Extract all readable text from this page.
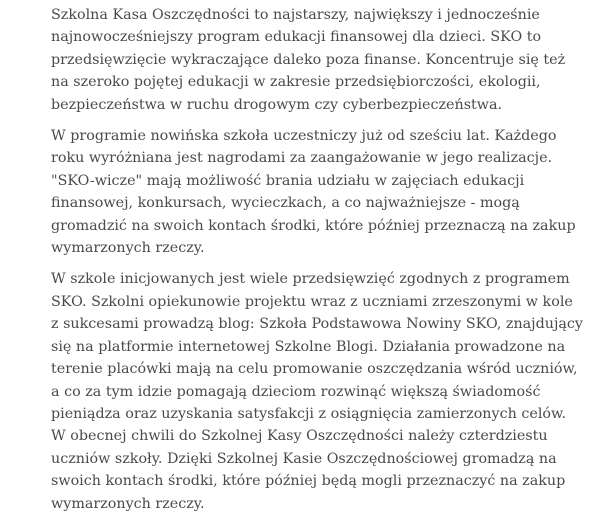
Szkolna Kasa Oszczędności to najstarszy, największy i jednocześnie
najnowocześniejszy program edukacji finansowej dla dzieci. SKO to
przedsięwzięcie wykraczające daleko poza finanse. Koncentruje się też
na szeroko pojętej edukacji w zakresie przedsiębiorczości, ekologii,
bezpieczeństwa w ruchu drogowym czy cyberbezpieczeństwa.

W programie nowińska szkoła uczestniczy już od sześciu lat. Każdego
roku wyróżniana jest nagrodami za zaangażowanie w jego realizacje.
"SKO-wicze" mają możliwość brania udziału w zajęciach edukacji
finansowej, konkursach, wycieczkach, a co najważniejsze - mogą
gromadzić na swoich kontach środki, które później przeznaczą na zakup
wymarzonych rzeczy.

W szkole inicjowanych jest wiele przedsięwzięć zgodnych z programem
SKO. Szkolni opiekunowie projektu wraz z uczniami zrzeszonymi w kole
z sukcesami prowadzą blog: Szkoła Podstawowa Nowiny SKO, znajdujący
się na platformie internetowej Szkolne Blogi. Działania prowadzone na
terenie placówki mają na celu promowanie oszczędzania wśród uczniów,
a co za tym idzie pomagają dzieciom rozwinąć większą świadomość
pieniądza oraz uzyskania satysfakcji z osiągnięcia zamierzonych celów.
W obecnej chwili do Szkolnej Kasy Oszczędności należy czterdziestu
uczniów szkoły. Dzięki Szkolnej Kasie Oszczędnościowej gromadzą na
swoich kontach środki, które później będą mogli przeznaczyć na zakup
wymarzonych rzeczy.
